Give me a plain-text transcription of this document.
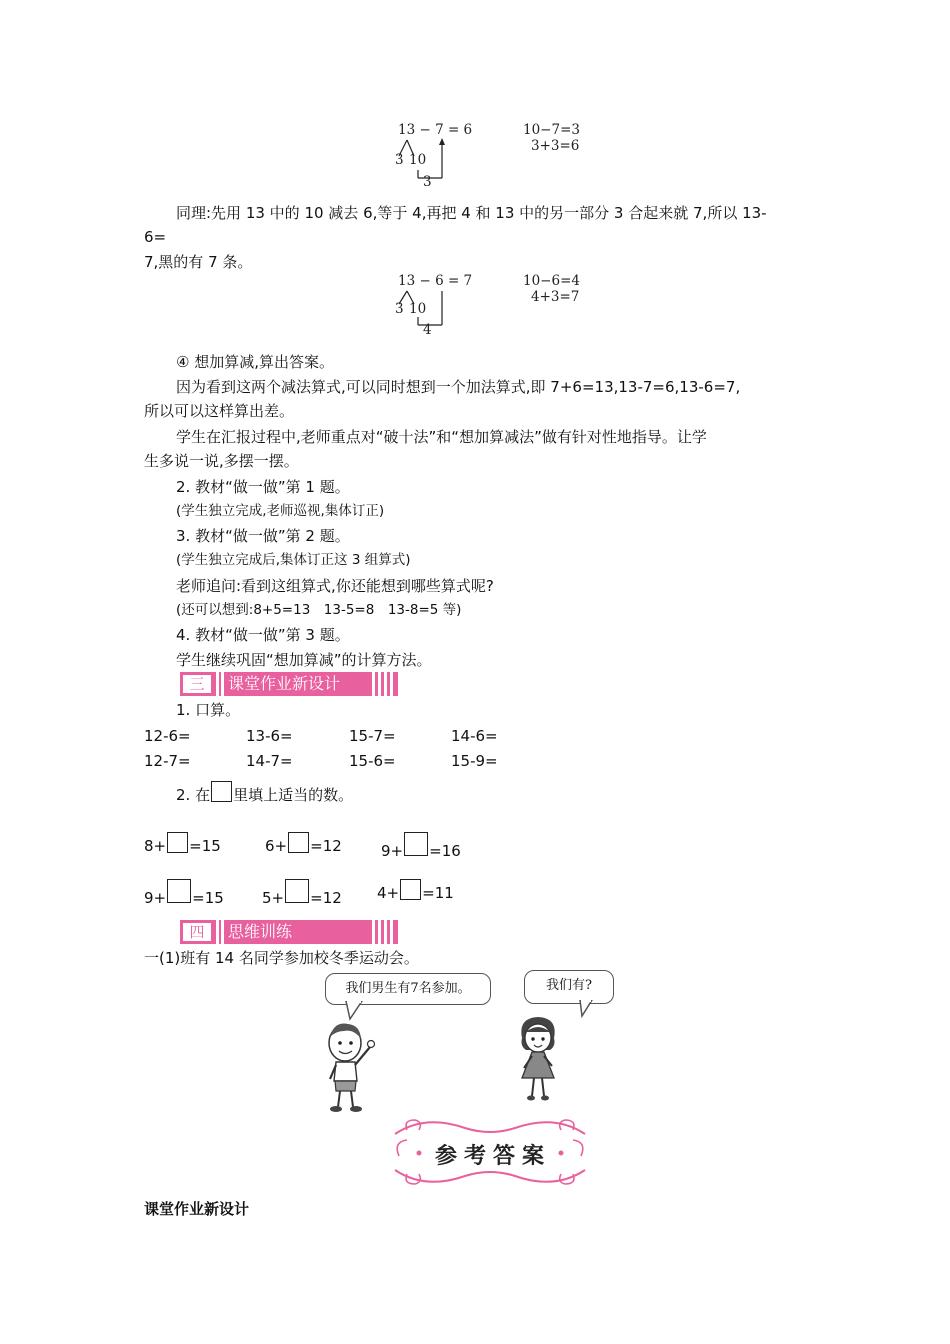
13 − 7 = 6
3 10
3
10−7=3
3+3=6
同理:先用 13 中的 10 减去 6,等于 4,再把 4 和 13 中的另一部分 3 合起来就 7,所以 13-
6=
7,黑的有 7 条。
13 − 6 = 7
3 10
4
10−6=4
4+3=7
④ 想加算减,算出答案。
因为看到这两个减法算式,可以同时想到一个加法算式,即 7+6=13,13-7=6,13-6=7,
所以可以这样算出差。
学生在汇报过程中,老师重点对“破十法”和“想加算减法”做有针对性地指导。让学
生多说一说,多摆一摆。
2. 教材“做一做”第 1 题。
(学生独立完成,老师巡视,集体订正)
3. 教材“做一做”第 2 题。
(学生独立完成后,集体订正这 3 组算式)
老师追问:看到这组算式,你还能想到哪些算式呢?
(还可以想到:8+5=13　13-5=8　13-8=5 等)
4. 教材“做一做”第 3 题。
学生继续巩固“想加算减”的计算方法。
三	课堂作业新设计
1. 口算。
12-6=	13-6=	15-7=	14-6=
12-7=	14-7=	15-6=	15-9=
2. 在 里填上适当的数。
8+ =15	6+ =12	9+ =16
9+ =15	5+ =12 4+ =11
四	思维训练
一(1)班有 14 名同学参加校冬季运动会。
我们男生有7名参加。	我们有?
参考答案
课堂作业新设计
